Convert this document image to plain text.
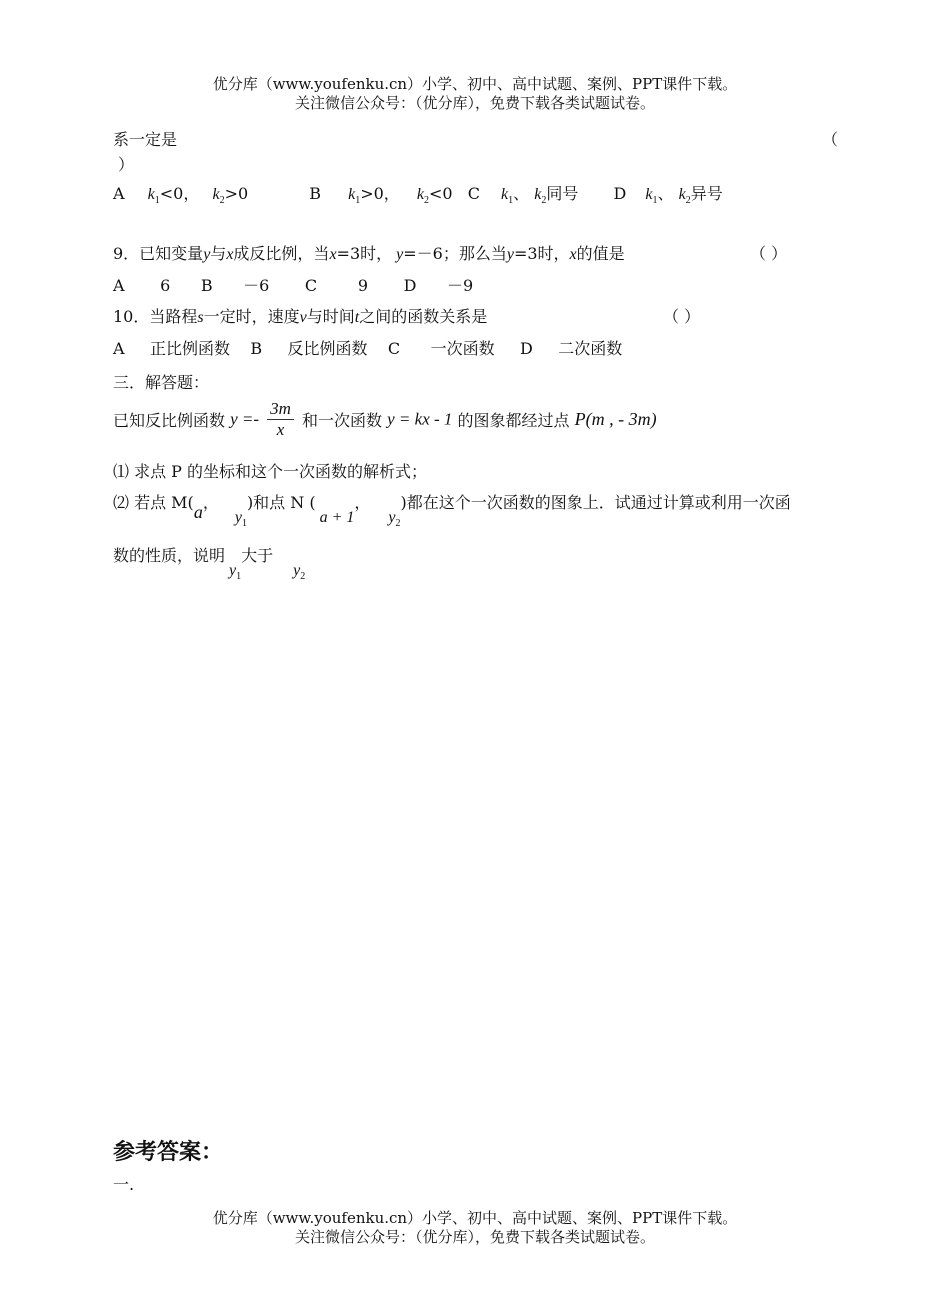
优分库（www.youfenku.cn）小学、初中、高中试题、案例、PPT课件下载。
关注微信公众号：（优分库），免费下载各类试题试卷。
系一定是	（
）
A $k_1<0$， $k_2>0$	B $k_1>0$， $k_2<0$ C $k_1$、 $k_2$同号 D $k_1$、 $k_2$异号
9．已知变量y与x成反比例，当x=3时， y=－6；那么当y=3时，x的值是	（ ）
A       6      B      －6       C        9       D      －9
10．当路程s一定时，速度v与时间t之间的函数关系是	（ ）
A     正比例函数    B     反比例函数    C      一次函数     D     二次函数
三．解答题：
已知反比例函数 $y =- \frac{3m}{x}$ 和一次函数 y = kx - 1 的图象都经过点 P(m , - 3m)
⑴ 求点 P 的坐标和这个一次函数的解析式；
⑵ 若点 M(a，$y_1$)和点 N (a + 1，$y_2$)都在这个一次函数的图象上．试通过计算或利用一次函
数的性质，说明$y_1$大于$y_2$
参考答案：
一.
优分库（www.youfenku.cn）小学、初中、高中试题、案例、PPT课件下载。
关注微信公众号：（优分库），免费下载各类试题试卷。
